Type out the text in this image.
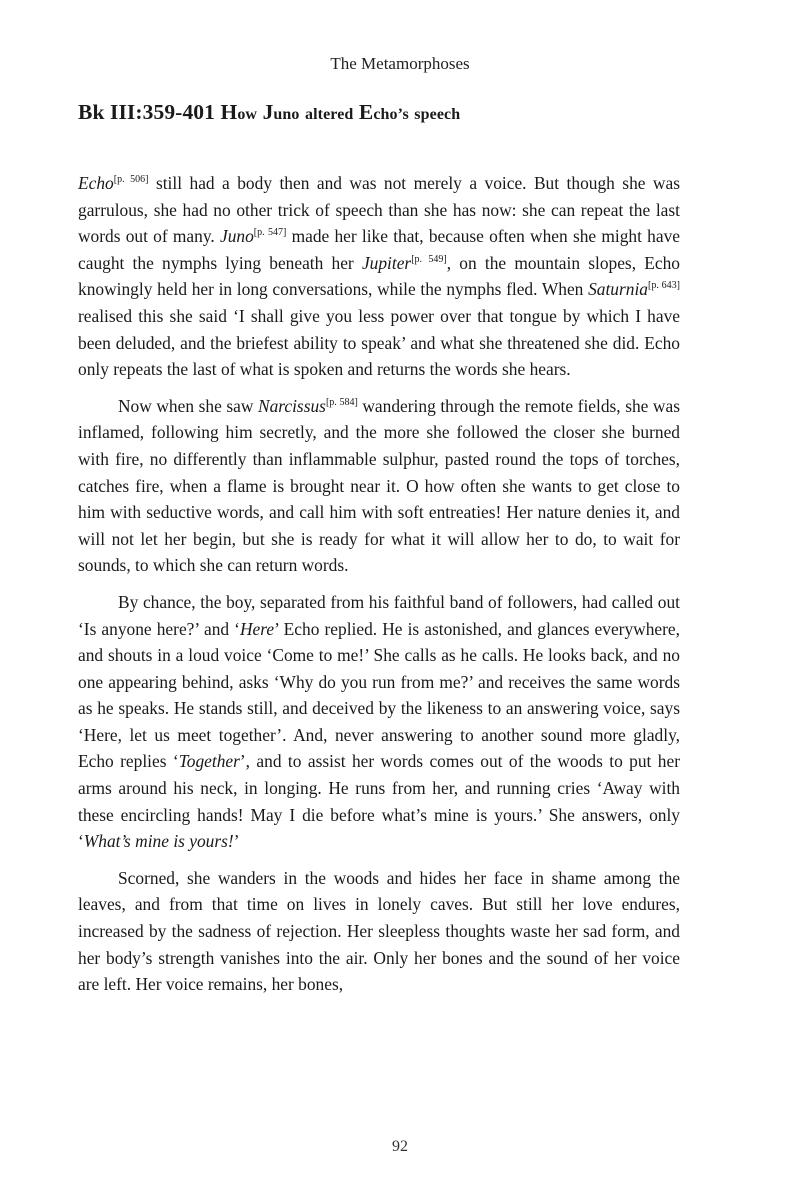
The Metamorphoses
Bk III:359-401 How Juno altered Echo’s speech

Echo[p. 506] still had a body then and was not merely a voice. But though she was garrulous, she had no other trick of speech than she has now: she can repeat the last words out of many. Juno[p. 547] made her like that, because often when she might have caught the nymphs lying beneath her Jupiter[p. 549], on the mountain slopes, Echo knowingly held her in long conversations, while the nymphs fled. When Saturnia[p. 643] realised this she said ‘I shall give you less power over that tongue by which I have been deluded, and the briefest ability to speak’ and what she threatened she did. Echo only repeats the last of what is spoken and returns the words she hears.

Now when she saw Narcissus[p. 584] wandering through the remote fields, she was inflamed, following him secretly, and the more she followed the closer she burned with fire, no differently than inflammable sulphur, pasted round the tops of torches, catches fire, when a flame is brought near it. O how often she wants to get close to him with seductive words, and call him with soft entreaties! Her nature denies it, and will not let her begin, but she is ready for what it will allow her to do, to wait for sounds, to which she can return words.

By chance, the boy, separated from his faithful band of followers, had called out ‘Is anyone here?’ and ‘Here’ Echo replied. He is astonished, and glances everywhere, and shouts in a loud voice ‘Come to me!’ She calls as he calls. He looks back, and no one appearing behind, asks ‘Why do you run from me?’ and receives the same words as he speaks. He stands still, and deceived by the likeness to an answering voice, says ‘Here, let us meet together’. And, never answering to another sound more gladly, Echo replies ‘Together’, and to assist her words comes out of the woods to put her arms around his neck, in longing. He runs from her, and running cries ‘Away with these encircling hands! May I die before what’s mine is yours.’ She answers, only ‘What’s mine is yours!’

Scorned, she wanders in the woods and hides her face in shame among the leaves, and from that time on lives in lonely caves. But still her love endures, increased by the sadness of rejection. Her sleepless thoughts waste her sad form, and her body’s strength vanishes into the air. Only her bones and the sound of her voice are left. Her voice remains, her bones,

92
